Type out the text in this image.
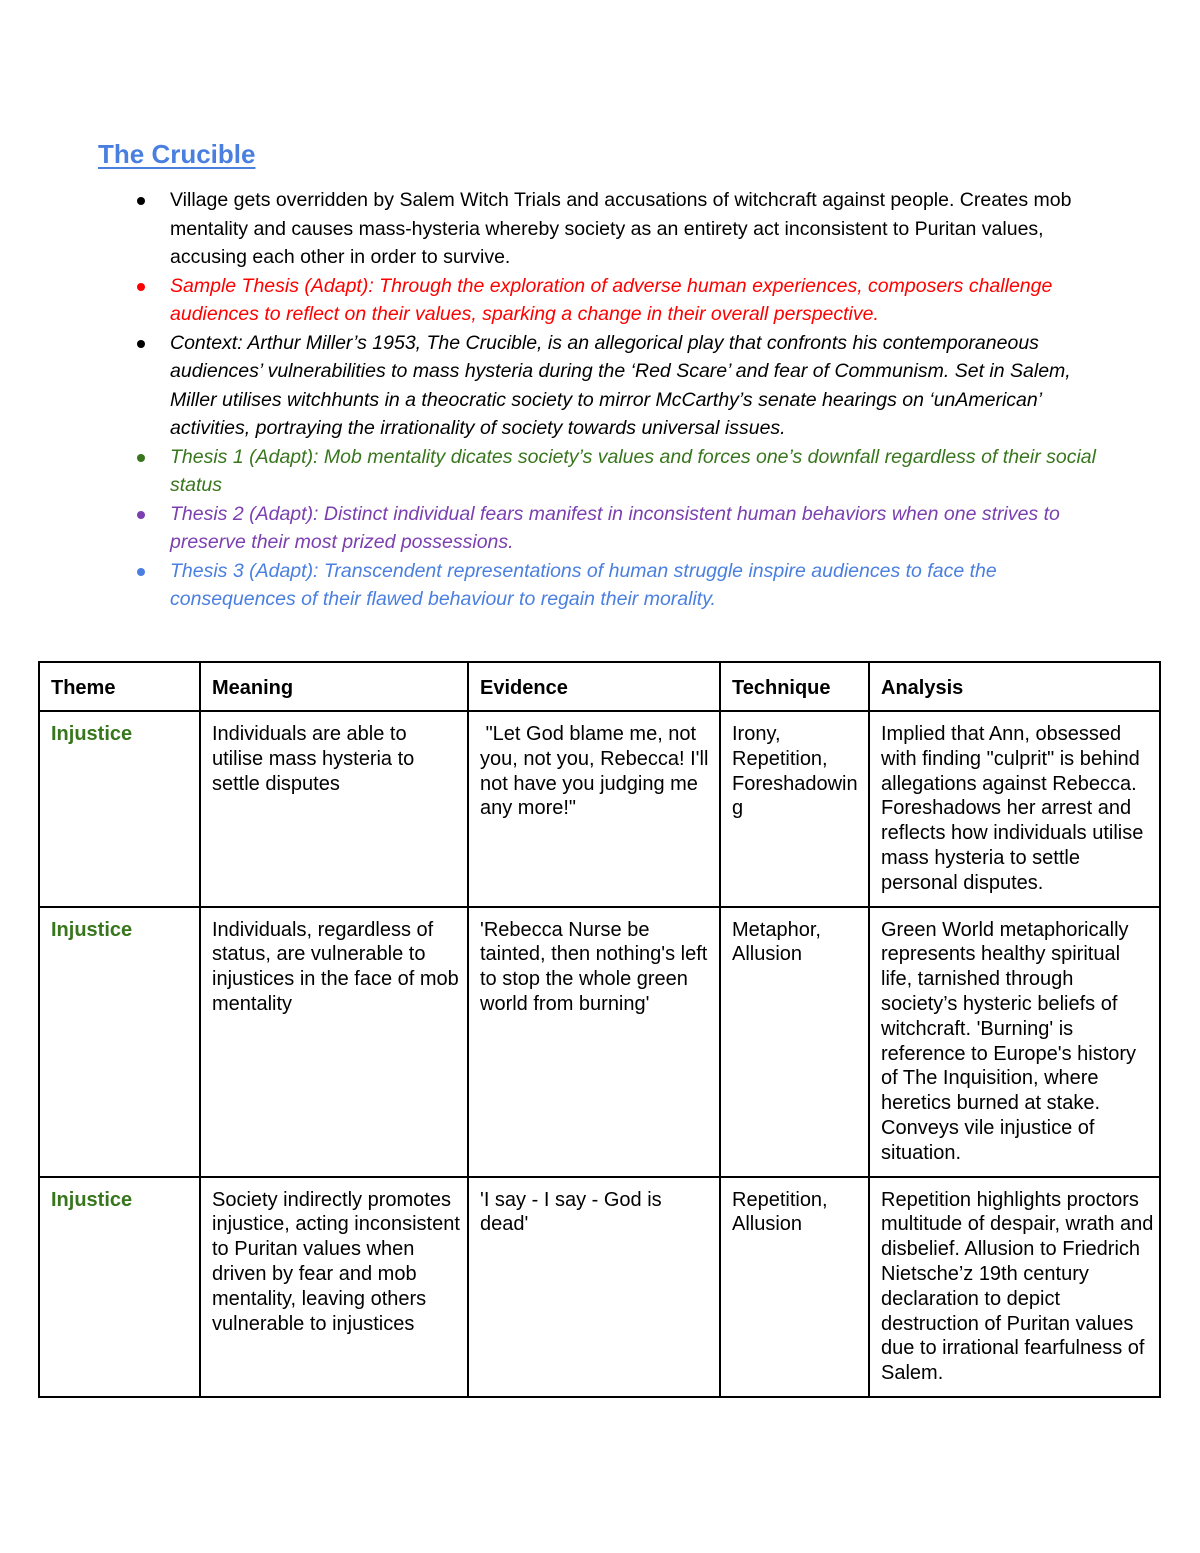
The Crucible
Village gets overridden by Salem Witch Trials and accusations of witchcraft against people. Creates mob mentality and causes mass-hysteria whereby society as an entirety act inconsistent to Puritan values, accusing each other in order to survive.
Sample Thesis (Adapt): Through the exploration of adverse human experiences, composers challenge audiences to reflect on their values, sparking a change in their overall perspective.
Context: Arthur Miller’s 1953, The Crucible, is an allegorical play that confronts his contemporaneous audiences’ vulnerabilities to mass hysteria during the ‘Red Scare’ and fear of Communism. Set in Salem, Miller utilises witchhunts in a theocratic society to mirror McCarthy’s senate hearings on ‘unAmerican’ activities, portraying the irrationality of society towards universal issues.
Thesis 1 (Adapt): Mob mentality dicates society’s values and forces one’s downfall regardless of their social status
Thesis 2 (Adapt): Distinct individual fears manifest in inconsistent human behaviors when one strives to preserve their most prized possessions.
Thesis 3 (Adapt): Transcendent representations of human struggle inspire audiences to face the consequences of their flawed behaviour to regain their morality.
Theme	Meaning	Evidence	Technique	Analysis
Injustice	Individuals are able to utilise mass hysteria to settle disputes	"Let God blame me, not you, not you, Rebecca! I'll not have you judging me any more!"	Irony, Repetition, Foreshadowing	Implied that Ann, obsessed with finding "culprit" is behind allegations against Rebecca. Foreshadows her arrest and reflects how individuals utilise mass hysteria to settle personal disputes.
Injustice	Individuals, regardless of status, are vulnerable to injustices in the face of mob mentality	'Rebecca Nurse be tainted, then nothing's left to stop the whole green world from burning'	Metaphor, Allusion	Green World metaphorically represents healthy spiritual life, tarnished through society’s hysteric beliefs of witchcraft. 'Burning' is reference to Europe's history of The Inquisition, where heretics burned at stake. Conveys vile injustice of situation.
Injustice	Society indirectly promotes injustice, acting inconsistent to Puritan values when driven by fear and mob mentality, leaving others vulnerable to injustices	'I say - I say - God is dead'	Repetition, Allusion	Repetition highlights proctors multitude of despair, wrath and disbelief. Allusion to Friedrich Nietsche’z 19th century declaration to depict destruction of Puritan values due to irrational fearfulness of Salem.
